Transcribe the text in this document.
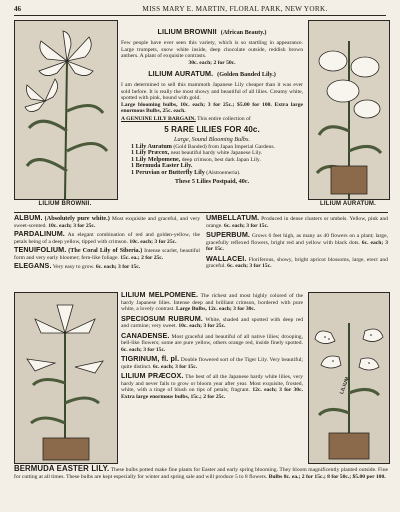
46	MISS MARY E. MARTIN, FLORAL PARK, NEW YORK.
LILIUM BROWNII.	LILIUM AURATUM.
LILIUM BROWNII (African Beauty.)
Few people have ever seen this variety, which is so startling in appearance. Large trumpets, snow white inside, deep chocolate outside, reddish brown anthers. A plant of exquisite contrasts.
30c. each; 2 for 50c.
LILIUM AURATUM. (Golden Banded Lily.)
I am determined to sell this mammoth Japanese Lily cheaper than it was ever sold before. It is really the most showy and beautiful of all lilies. Creamy white, spotted with pink, bound with gold.
Large blooming bulbs, 10c. each; 3 for 25c.; $5.00 for 100. Extra large enormous Bulbs, 25c. each.
A GENUINE LILY BARGAIN. This entire collection of
5 RARE LILIES FOR 40c.
Large, Sound Blooming Bulbs.
1 Lily Auratum (Gold Banded) from Japan Imperial Gardens.
1 Lily Præcox, neat beautiful hardy white Japanese Lily.
1 Lily Melpomene, deep crimson, best dark Japan Lily.
1 Bermuda Easter Lily.
1 Peruvian or Butterfly Lily (Alstroemeria).
These 5 Lilies Postpaid, 40c.
ALBUM. (Absolutely pure white.) Most exquisite and graceful, and very sweet-scented. 10c. each; 3 for 25c.
PARDALINUM. An elegant combination of red and golden-yellow, the petals being of a deep yellow, tipped with crimson. 10c. each; 3 for 25c.
TENUIFOLIUM. (The Coral Lily of Siberia.) Intense scarlet, beautiful form and very early bloomer; fern-like foliage. 15c. ea.; 2 for 25c.
ELEGANS. Very easy to grow. 6c. each; 3 for 15c.
UMBELLATUM. Produced in dense clusters or umbels. Yellow, pink and orange. 6c. each; 3 for 15c.
SUPERBUM. Grows 6 feet high, as many as 40 flowers on a plant; large, gracefully reflexed flowers, bright red and yellow with black dots. 6c. each; 3 for 15c.
WALLACEI. Floriferous, showy, bright apricot blossoms, large, erect and graceful. 6c. each; 3 for 15c.
LILIUM MELPOMENE. The richest and most highly colored of the hardy Japanese lilies. Intense deep and brilliant crimson, bordered with pure white, a lovely contrast. Large Bulbs, 12c. each; 3 for 30c.
SPECIOSUM RUBRUM. White, shaded and spotted with deep red and carmine; very sweet. 10c. each; 3 for 25c.
CANADENSE. Most graceful and beautiful of all native lilies; drooping, bell-like flowers; some are pure yellow, others orange red, inside finely spotted. 6c. each; 3 for 15c.
TIGRINUM, fl. pl. Double flowered sort of the Tiger Lily. Very beautiful; quite distinct. 6c. each; 3 for 15c.
LILIUM PRÆCOX. The best of all the Japanese hardy white lilies, very hardy and never fails to grow or bloom year after year. Most exquisite, frosted, white, with a tinge of blush on tips of petals; fragrant. 12c. each; 3 for 30c. Extra large enormous bulbs, 15c.; 2 for 25c.
LILIUM
BERMUDA EASTER LILY. These bulbs potted make fine plants for Easter and early spring blooming. They bloom magnificently planted outside. Fine for cutting at all times. These bulbs are kept especially for winter and spring sale and will produce 5 to 8 flowers. Bulbs 8c. ea.; 2 for 15c.; 8 for 50c.; $5.00 per 100.
